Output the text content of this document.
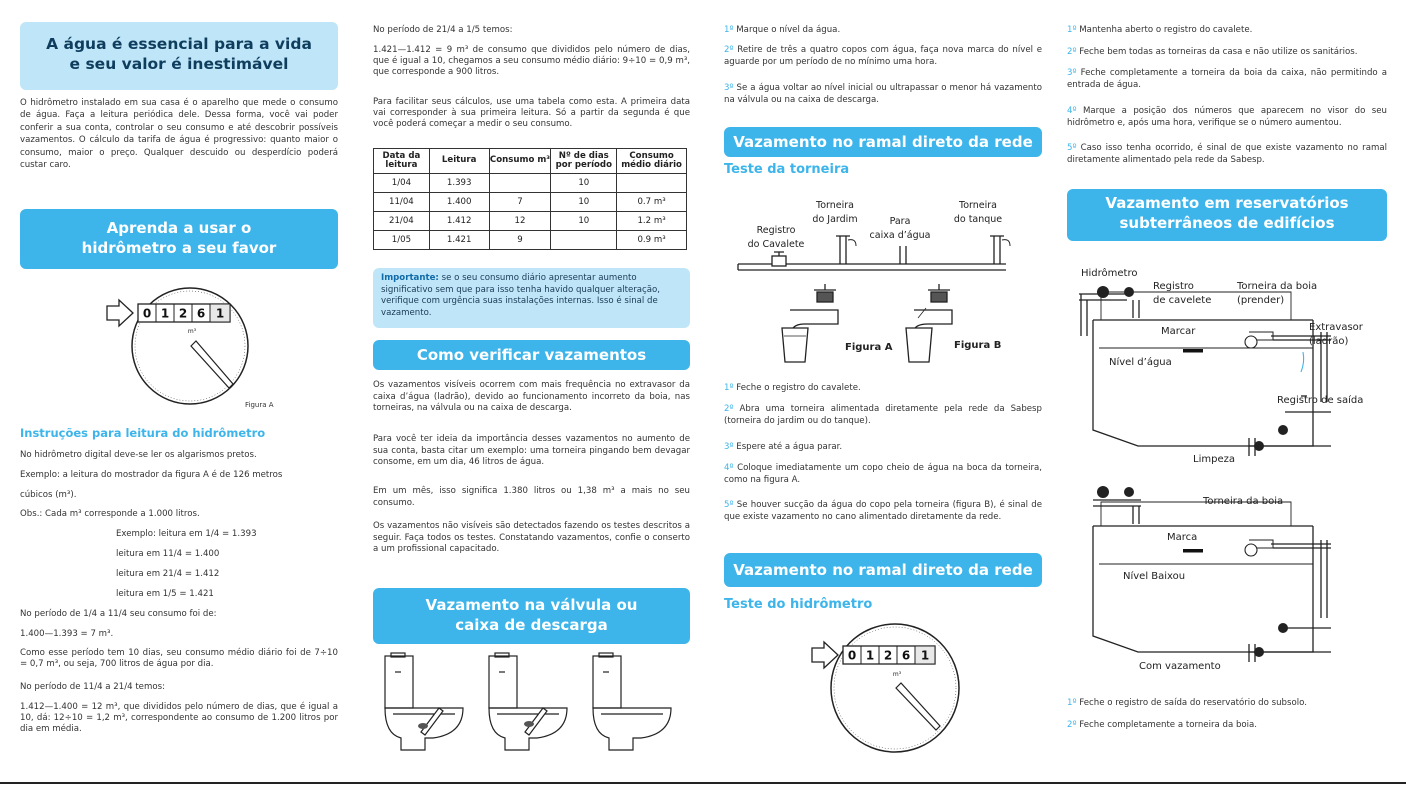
A água é essencial para a vida
e seu valor é inestimável

O hidrômetro instalado em sua casa é o aparelho que mede o consumo de água. Faça a leitura periódica dele. Dessa forma, você vai poder conferir a sua conta, controlar o seu consumo e até descobrir possíveis vazamentos. O cálculo da tarifa de água é progressivo: quanto maior o consumo, maior o preço. Qualquer descuido ou desperdício poderá custar caro.

Aprenda a usar o
hidrômetro a seu favor
0 1 2 6 1
m³
Figura A
Instruções para leitura do hidrômetro
No hidrômetro digital deve-se ler os algarismos pretos.
Exemplo: a leitura do mostrador da figura A é de 126 metros
cúbicos (m³).
Obs.: Cada m³ corresponde a 1.000 litros.
Exemplo: leitura em 1/4 = 1.393
leitura em 11/4 = 1.400
leitura em 21/4 = 1.412
leitura em 1/5 = 1.421
No período de 1/4 a 11/4 seu consumo foi de:
1.400—1.393 = 7 m³.

Como esse período tem 10 dias, seu consumo médio diário foi de 7÷10 = 0,7 m³, ou seja, 700 litros de água por dia.

No período de 11/4 a 21/4 temos:

1.412—1.400 = 12 m³, que divididos pelo número de dias, que é igual a 10, dá: 12÷10 = 1,2 m³, correspondente ao consumo de 1.200 litros por dia em média.

No período de 21/4 a 1/5 temos:

1.421—1.412 = 9 m³ de consumo que divididos pelo número de dias, que é igual a 10, chegamos a seu consumo médio diário: 9÷10 = 0,9 m³, que corresponde a 900 litros.

Para facilitar seus cálculos, use uma tabela como esta. A primeira data vai corresponder à sua primeira leitura. Só a partir da segunda é que você poderá começar a medir o seu consumo.

Data da leitura	Leitura	Consumo m³	Nº de dias por período	Consumo médio diário
1/04	1.393		10	
11/04	1.400	7	10	0.7 m³
21/04	1.412	12	10	1.2 m³
1/05	1.421	9		0.9 m³
Importante: se o seu consumo diário apresentar aumento significativo sem que para isso tenha havido qualquer alteração, verifique com urgência suas instalações internas. Isso é sinal de vazamento.
Como verificar vazamentos

Os vazamentos visíveis ocorrem com mais frequência no extravasor da caixa d’água (ladrão), devido ao funcionamento incorreto da boia, nas torneiras, na válvula ou na caixa de descarga.

Para você ter ideia da importância desses vazamentos no aumento de sua conta, basta citar um exemplo: uma torneira pingando bem devagar consome, em um dia, 46 litros de água.

Em um mês, isso significa 1.380 litros ou 1,38 m³ a mais no seu consumo.

Os vazamentos não visíveis são detectados fazendo os testes descritos a seguir. Faça todos os testes. Constatando vazamentos, confie o conserto a um profissional capacitado.

Vazamento na válvula ou
caixa de descarga

1º Marque o nível da água.

2º Retire de três a quatro copos com água, faça nova marca do nível e aguarde por um período de no mínimo uma hora.

3º Se a água voltar ao nível inicial ou ultrapassar o menor há vazamento na válvula ou na caixa de descarga.

Vazamento no ramal direto da rede
Teste da torneira
Registro
do Cavalete
Torneira
do Jardim	Para
caixa d’água
Torneira
do tanque
Figura A	Figura B

1º Feche o registro do cavalete.

2º Abra uma torneira alimentada diretamente pela rede da Sabesp (torneira do jardim ou do tanque).

3º Espere até a água parar.

4º Coloque imediatamente um copo cheio de água na boca da torneira, como na figura A.

5º Se houver sucção da água do copo pela torneira (figura B), é sinal de que existe vazamento no cano alimentado diretamente da rede.

Vazamento no ramal direto da rede
Teste do hidrômetro
0 1 2 6 1
m³

1º Mantenha aberto o registro do cavalete.

2º Feche bem todas as torneiras da casa e não utilize os sanitários.

3º Feche completamente a torneira da boia da caixa, não permitindo a entrada de água.

4º Marque a posição dos números que aparecem no visor do seu hidrômetro e, após uma hora, verifique se o número aumentou.

5º Caso isso tenha ocorrido, é sinal de que existe vazamento no ramal diretamente alimentado pela rede da Sabesp.

Vazamento em reservatórios
subterrâneos de edifícios
Hidrômetro
Registro
de cavelete
Torneira da boia
(prender)
Marcar	Extravasor
(ladrão)
Nível d’água
Registro de saída
Limpeza
Torneira da boia
Marca
Nível Baixou
Com vazamento

1º Feche o registro de saída do reservatório do subsolo.

2º Feche completamente a torneira da boia.
